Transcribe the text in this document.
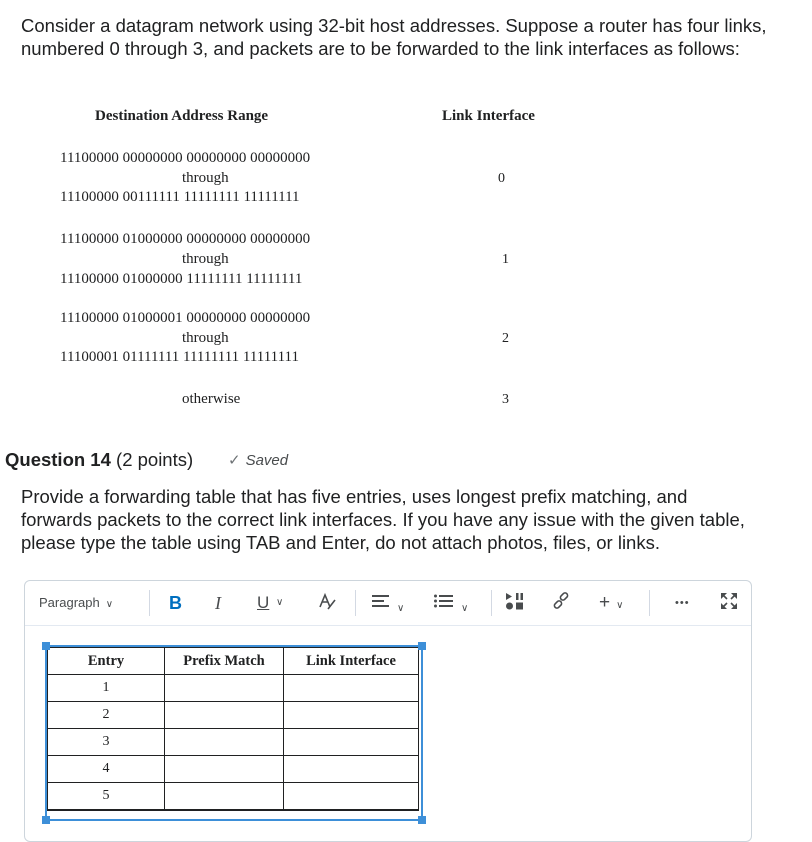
Consider a datagram network using 32-bit host addresses. Suppose a router has four links, numbered 0 through 3, and packets are to be forwarded to the link interfaces as follows:

Destination Address Range	Link Interface
11100000 00000000 00000000 00000000
through
11100000 00111111 11111111 11111111
0
11100000 01000000 00000000 00000000
through
11100000 01000000 11111111 11111111
1
11100000 01000001 00000000 00000000
through
11100001 01111111 11111111 11111111
2
otherwise	3
Question 14 (2 points) ✓ Saved

Provide a forwarding table that has five entries, uses longest prefix matching, and forwards packets to the correct link interfaces. If you have any issue with the given table, please type the table using TAB and Enter, do not attach photos, files, or links.

Paragraph ∨	B I U ∨
∨	∨	+ ∨	•••
Entry	Prefix Match	Link Interface
1		
2		
3		
4		
5		
